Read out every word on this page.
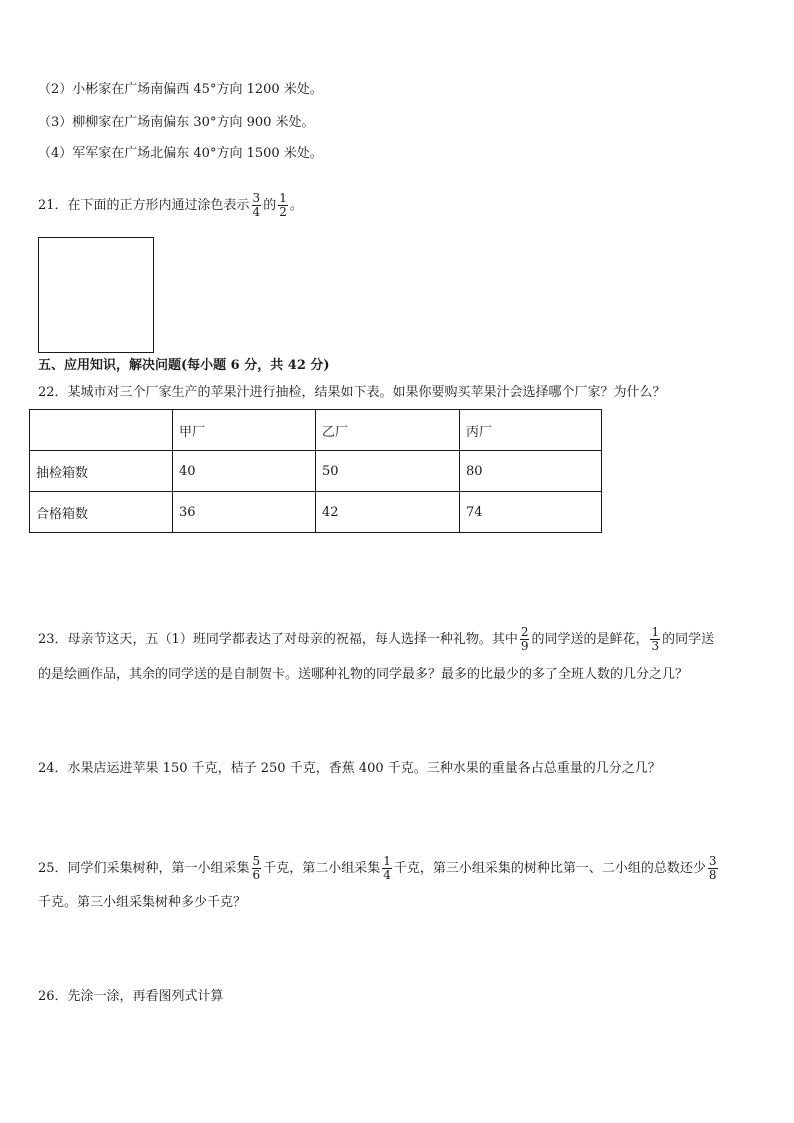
（2）小彬家在广场南偏西 45°方向 1200 米处。
（3）柳柳家在广场南偏东 30°方向 900 米处。
（4）军军家在广场北偏东 40°方向 1500 米处。
21．在下面的正方形内通过涂色表示 $\frac{3}{4}$ 的 $\frac{1}{2}$ 。
五、应用知识，解决问题(每小题 6 分，共 42 分)
22．某城市对三个厂家生产的苹果汁进行抽检，结果如下表。如果你要购买苹果汁会选择哪个厂家？为什么？
	甲厂	乙厂	丙厂
抽检箱数	40	50	80
合格箱数	36	42	74
23．母亲节这天，五（1）班同学都表达了对母亲的祝福，每人选择一种礼物。其中 $\frac{2}{9}$ 的同学送的是鲜花， $\frac{1}{3}$ 的同学送
的是绘画作品，其余的同学送的是自制贺卡。送哪种礼物的同学最多？最多的比最少的多了全班人数的几分之几？
24．水果店运进苹果 150 千克，桔子 250 千克，香蕉 400 千克。三种水果的重量各占总重量的几分之几？
25．同学们采集树种，第一小组采集 $\frac{5}{6}$ 千克，第二小组采集 $\frac{1}{4}$ 千克，第三小组采集的树种比第一、二小组的总数还少 $\frac{3}{8}$
千克。第三小组采集树种多少千克？
26．先涂一涂，再看图列式计算
